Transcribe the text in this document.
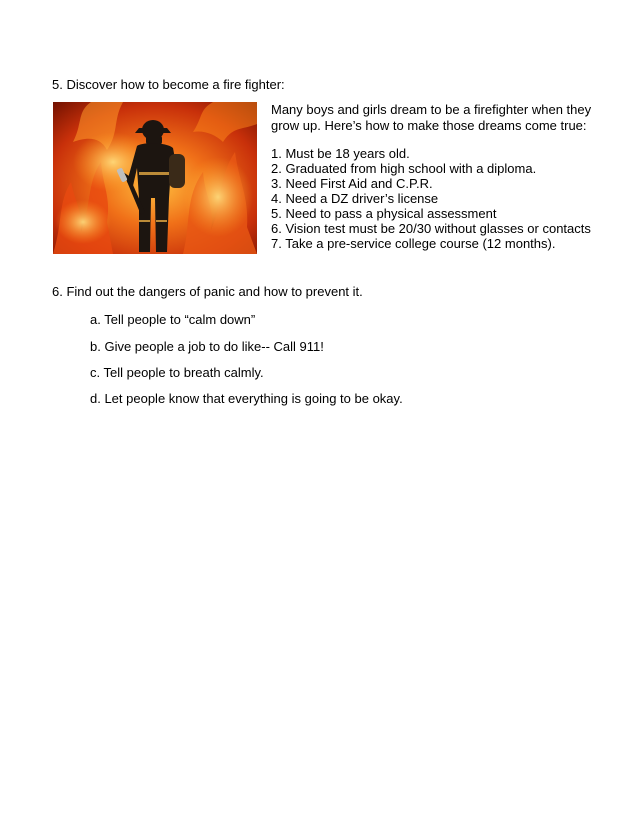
5. Discover how to become a fire fighter:
Many boys and girls dream to be a firefighter when they
grow up. Here’s how to make those dreams come true:
1. Must be 18 years old.
2. Graduated from high school with a diploma.
3. Need First Aid and C.P.R.
4. Need a DZ driver’s license
5. Need to pass a physical assessment
6. Vision test must be 20/30 without glasses or contacts
7. Take a pre-service college course (12 months).
6. Find out the dangers of panic and how to prevent it.
a. Tell people to “calm down”
b. Give people a job to do like-- Call 911!
c. Tell people to breath calmly.
d. Let people know that everything is going to be okay.
